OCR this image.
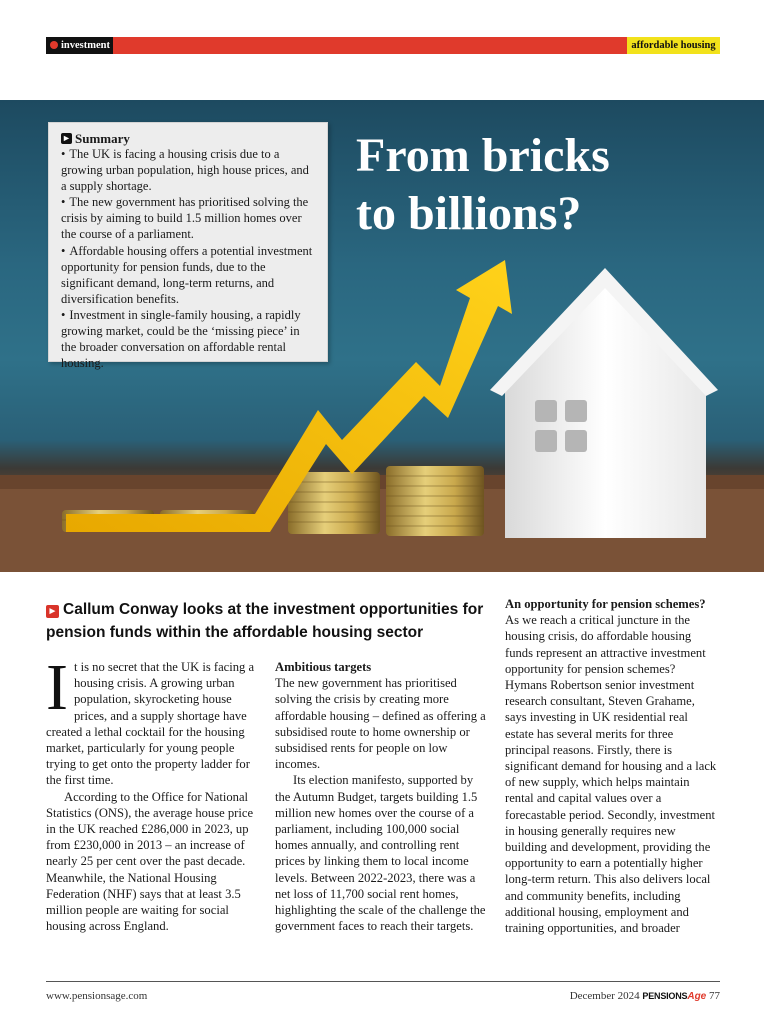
investment	affordable housing
► Summary
• The UK is facing a housing crisis due to a growing urban population, high house prices, and a supply shortage.
• The new government has prioritised solving the crisis by aiming to build 1.5 million homes over the course of a parliament.
• Affordable housing offers a potential investment opportunity for pension funds, due to the significant demand, long-term returns, and diversification benefits.
• Investment in single-family housing, a rapidly growing market, could be the ‘missing piece’ in the broader conversation on affordable rental housing.
From bricks
to billions?
► Callum Conway looks at the investment opportunities for pension funds within the affordable housing sector

It is no secret that the UK is facing a housing crisis. A growing urban population, skyrocketing house prices, and a supply shortage have created a lethal cocktail for the housing market, particularly for young people trying to get onto the property ladder for the first time.

According to the Office for National Statistics (ONS), the average house price in the UK reached £286,000 in 2023, up from £230,000 in 2013 – an increase of nearly 25 per cent over the past decade. Meanwhile, the National Housing Federation (NHF) says that at least 3.5 million people are waiting for social housing across England.

Ambitious targets

The new government has prioritised solving the crisis by creating more affordable housing – defined as offering a subsidised route to home ownership or subsidised rents for people on low incomes.

Its election manifesto, supported by the Autumn Budget, targets building 1.5 million new homes over the course of a parliament, including 100,000 social homes annually, and controlling rent prices by linking them to local income levels. Between 2022-2023, there was a net loss of 11,700 social rent homes, highlighting the scale of the challenge the government faces to reach their targets.

An opportunity for pension schemes?

As we reach a critical juncture in the housing crisis, do affordable housing funds represent an attractive investment opportunity for pension schemes? Hymans Robertson senior investment research consultant, Steven Grahame, says investing in UK residential real estate has several merits for three principal reasons. Firstly, there is significant demand for housing and a lack of new supply, which helps maintain rental and capital values over a forecastable period. Secondly, investment in housing generally requires new building and development, providing the opportunity to earn a potentially higher long-term return. This also delivers local and community benefits, including additional housing, employment and training opportunities, and broader

www.pensionsage.com	December 2024 PENSIONSAge 77
